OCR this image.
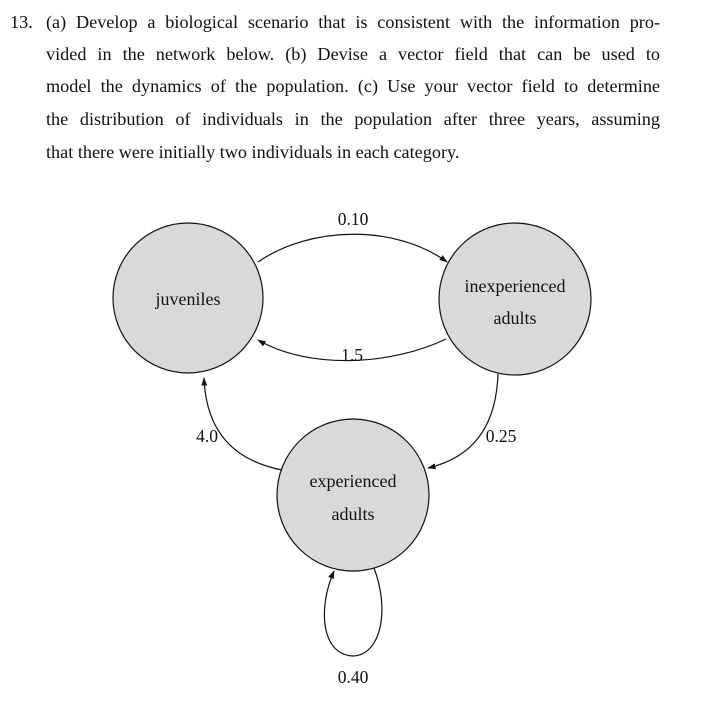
13. (a) Develop a biological scenario that is consistent with the information pro-
vided in the network below. (b) Devise a vector field that can be used to
model the dynamics of the population. (c) Use your vector field to determine
the distribution of individuals in the population after three years, assuming
that there were initially two individuals in each category.
juveniles
inexperienced
adults
experienced
adults
0.10
1.5
0.25
4.0
0.40
